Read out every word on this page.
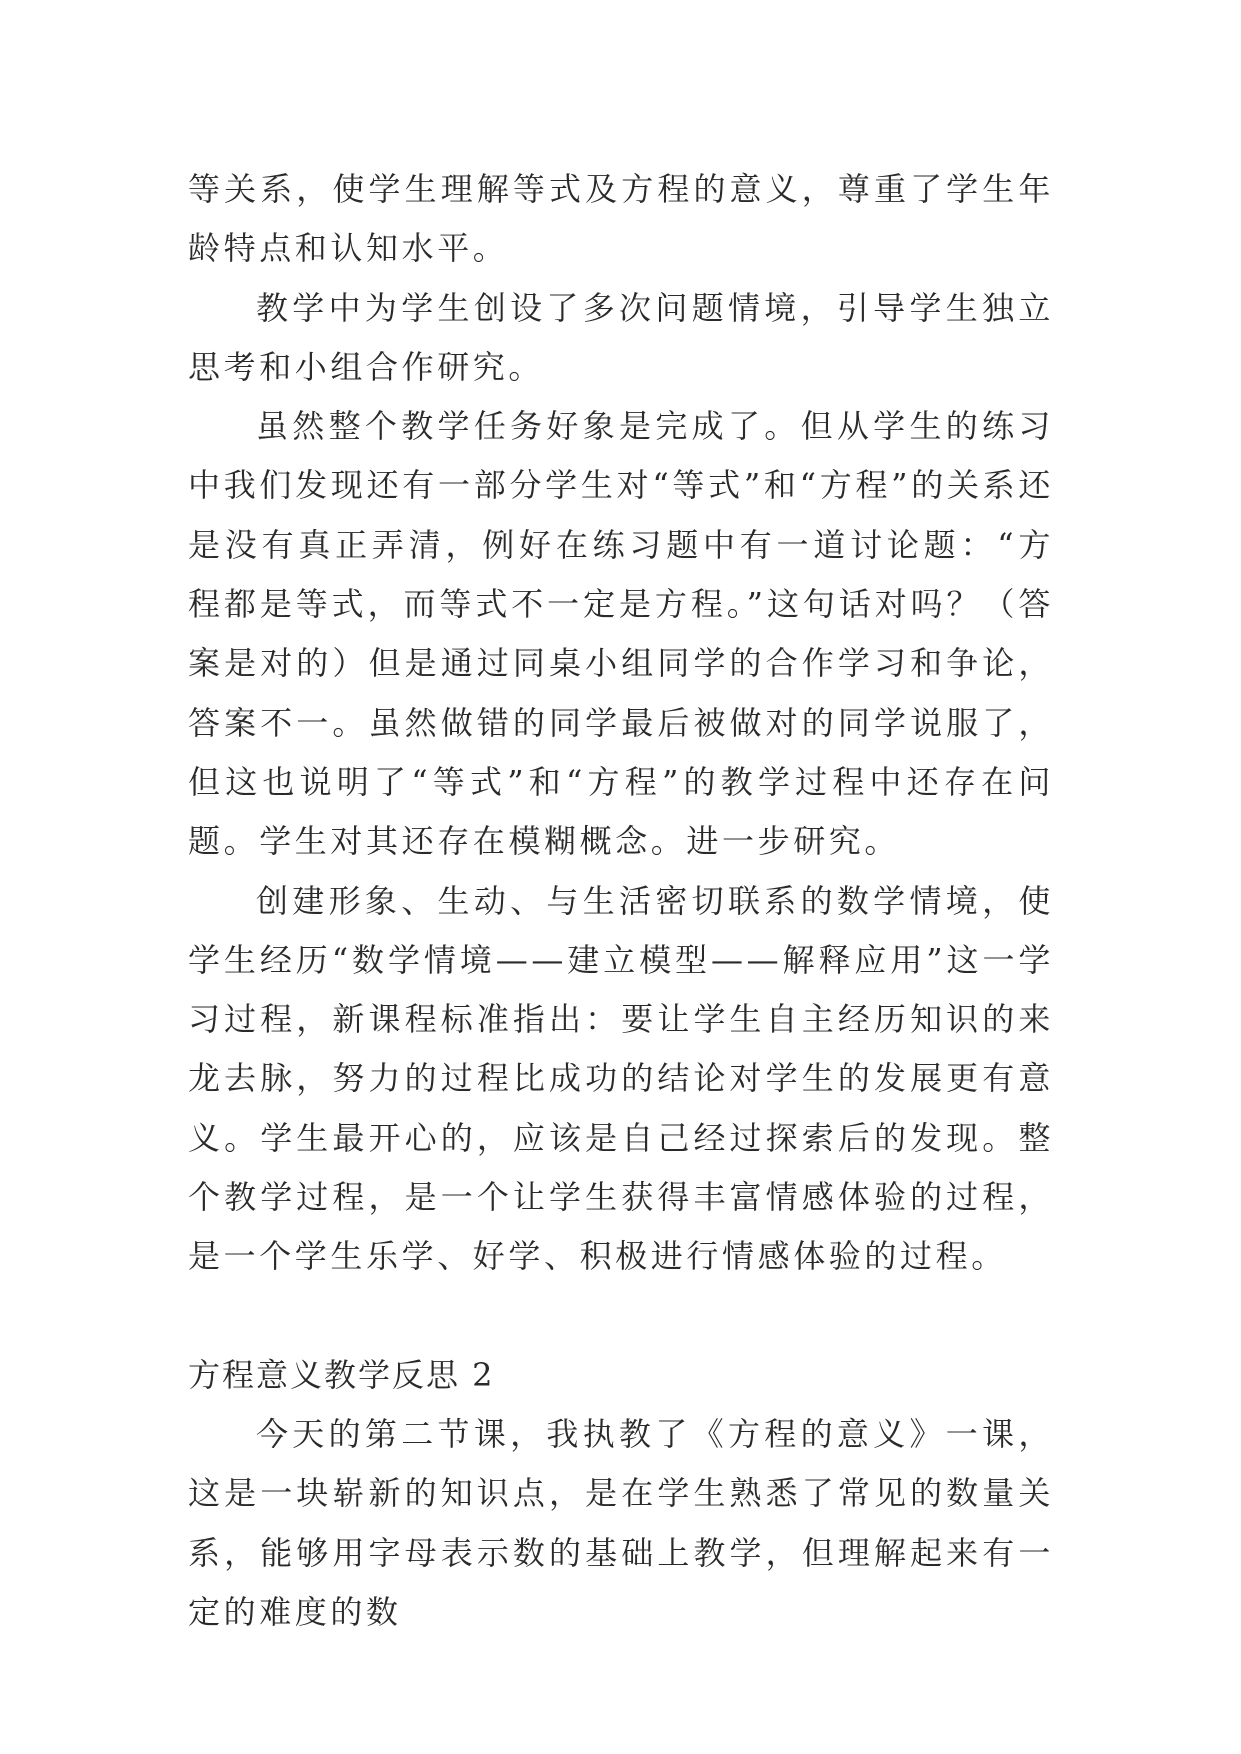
等关系，使学生理解等式及方程的意义，尊重了学生年龄特点和认知水平。

教学中为学生创设了多次问题情境，引导学生独立思考和小组合作研究。

虽然整个教学任务好象是完成了。但从学生的练习中我们发现还有一部分学生对“等式”和“方程”的关系还是没有真正弄清，例好在练习题中有一道讨论题：“方程都是等式，而等式不一定是方程。”这句话对吗？（答案是对的）但是通过同桌小组同学的合作学习和争论，答案不一。虽然做错的同学最后被做对的同学说服了，但这也说明了“等式”和“方程”的教学过程中还存在问题。学生对其还存在模糊概念。进一步研究。

创建形象、生动、与生活密切联系的数学情境，使学生经历“数学情境——建立模型——解释应用”这一学习过程，新课程标准指出：要让学生自主经历知识的来龙去脉，努力的过程比成功的结论对学生的发展更有意义。学生最开心的，应该是自己经过探索后的发现。整个教学过程，是一个让学生获得丰富情感体验的过程，是一个学生乐学、好学、积极进行情感体验的过程。

方程意义教学反思 2

今天的第二节课，我执教了《方程的意义》一课，这是一块崭新的知识点，是在学生熟悉了常见的数量关系，能够用字母表示数的基础上教学，但理解起来有一定的难度的数
